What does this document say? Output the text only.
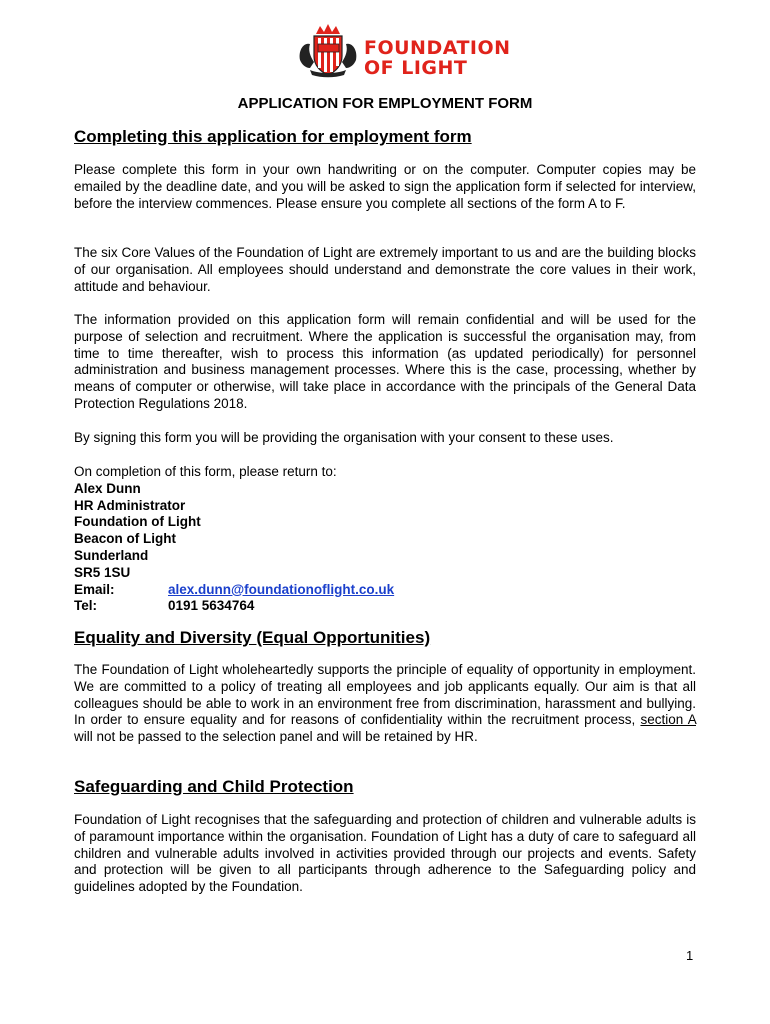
FOUNDATION
OF LIGHT
APPLICATION FOR EMPLOYMENT FORM
Completing this application for employment form

Please complete this form in your own handwriting or on the computer. Computer copies may be emailed by the deadline date, and you will be asked to sign the application form if selected for interview, before the interview commences. Please ensure you complete all sections of the form A to F.

The six Core Values of the Foundation of Light are extremely important to us and are the building blocks of our organisation. All employees should understand and demonstrate the core values in their work, attitude and behaviour.

The information provided on this application form will remain confidential and will be used for the purpose of selection and recruitment. Where the application is successful the organisation may, from time to time thereafter, wish to process this information (as updated periodically) for personnel administration and business management processes. Where this is the case, processing, whether by means of computer or otherwise, will take place in accordance with the principals of the General Data Protection Regulations 2018.

By signing this form you will be providing the organisation with your consent to these uses.

On completion of this form, please return to:
Alex Dunn
HR Administrator
Foundation of Light
Beacon of Light
Sunderland
SR5 1SU
Email:	alex.dunn@foundationoflight.co.uk
Tel:	0191 5634764
Equality and Diversity (Equal Opportunities)

The Foundation of Light wholeheartedly supports the principle of equality of opportunity in employment. We are committed to a policy of treating all employees and job applicants equally. Our aim is that all colleagues should be able to work in an environment free from discrimination, harassment and bullying. In order to ensure equality and for reasons of confidentiality within the recruitment process, section A will not be passed to the selection panel and will be retained by HR.

Safeguarding and Child Protection

Foundation of Light recognises that the safeguarding and protection of children and vulnerable adults is of paramount importance within the organisation. Foundation of Light has a duty of care to safeguard all children and vulnerable adults involved in activities provided through our projects and events. Safety and protection will be given to all participants through adherence to the Safeguarding policy and guidelines adopted by the Foundation.

1
